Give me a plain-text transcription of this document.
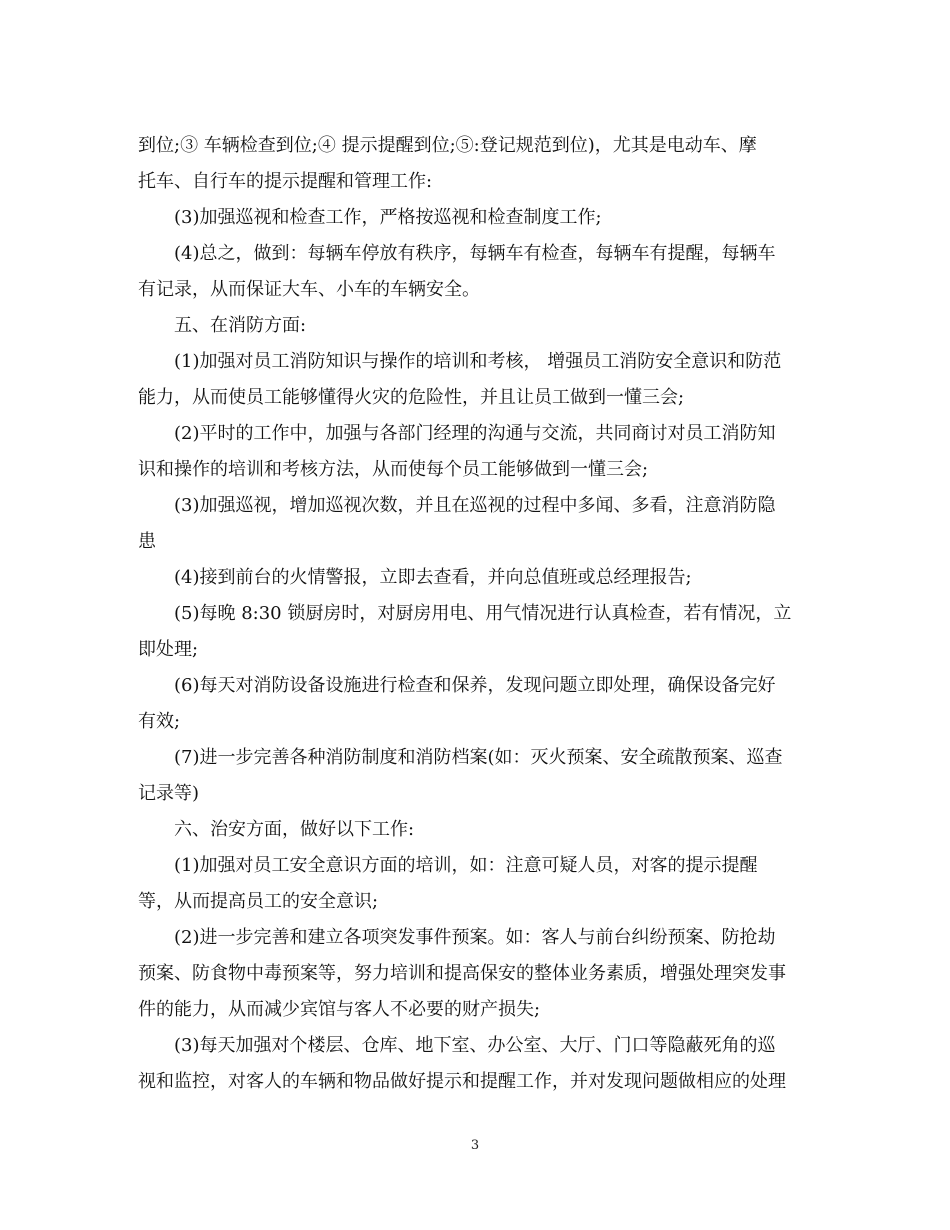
到位;③ 车辆检查到位;④ 提示提醒到位;⑤:登记规范到位)，尤其是电动车、摩
托车、自行车的提示提醒和管理工作:
(3)加强巡视和检查工作，严格按巡视和检查制度工作;
(4)总之，做到：每辆车停放有秩序，每辆车有检查，每辆车有提醒，每辆车
有记录，从而保证大车、小车的车辆安全。
五、在消防方面:
(1)加强对员工消防知识与操作的培训和考核， 增强员工消防安全意识和防范
能力，从而使员工能够懂得火灾的危险性，并且让员工做到一懂三会;
(2)平时的工作中，加强与各部门经理的沟通与交流，共同商讨对员工消防知
识和操作的培训和考核方法，从而使每个员工能够做到一懂三会;
(3)加强巡视，增加巡视次数，并且在巡视的过程中多闻、多看，注意消防隐
患
(4)接到前台的火情警报，立即去查看，并向总值班或总经理报告;
(5)每晚 8:30 锁厨房时，对厨房用电、用气情况进行认真检查，若有情况，立
即处理;
(6)每天对消防设备设施进行检查和保养，发现问题立即处理，确保设备完好
有效;
(7)进一步完善各种消防制度和消防档案(如：灭火预案、安全疏散预案、巡查
记录等)
六、治安方面，做好以下工作:
(1)加强对员工安全意识方面的培训，如：注意可疑人员，对客的提示提醒
等，从而提高员工的安全意识;
(2)进一步完善和建立各项突发事件预案。如：客人与前台纠纷预案、防抢劫
预案、防食物中毒预案等，努力培训和提高保安的整体业务素质，增强处理突发事
件的能力，从而减少宾馆与客人不必要的财产损失;
(3)每天加强对个楼层、仓库、地下室、办公室、大厅、门口等隐蔽死角的巡
视和监控，对客人的车辆和物品做好提示和提醒工作，并对发现问题做相应的处理
3
